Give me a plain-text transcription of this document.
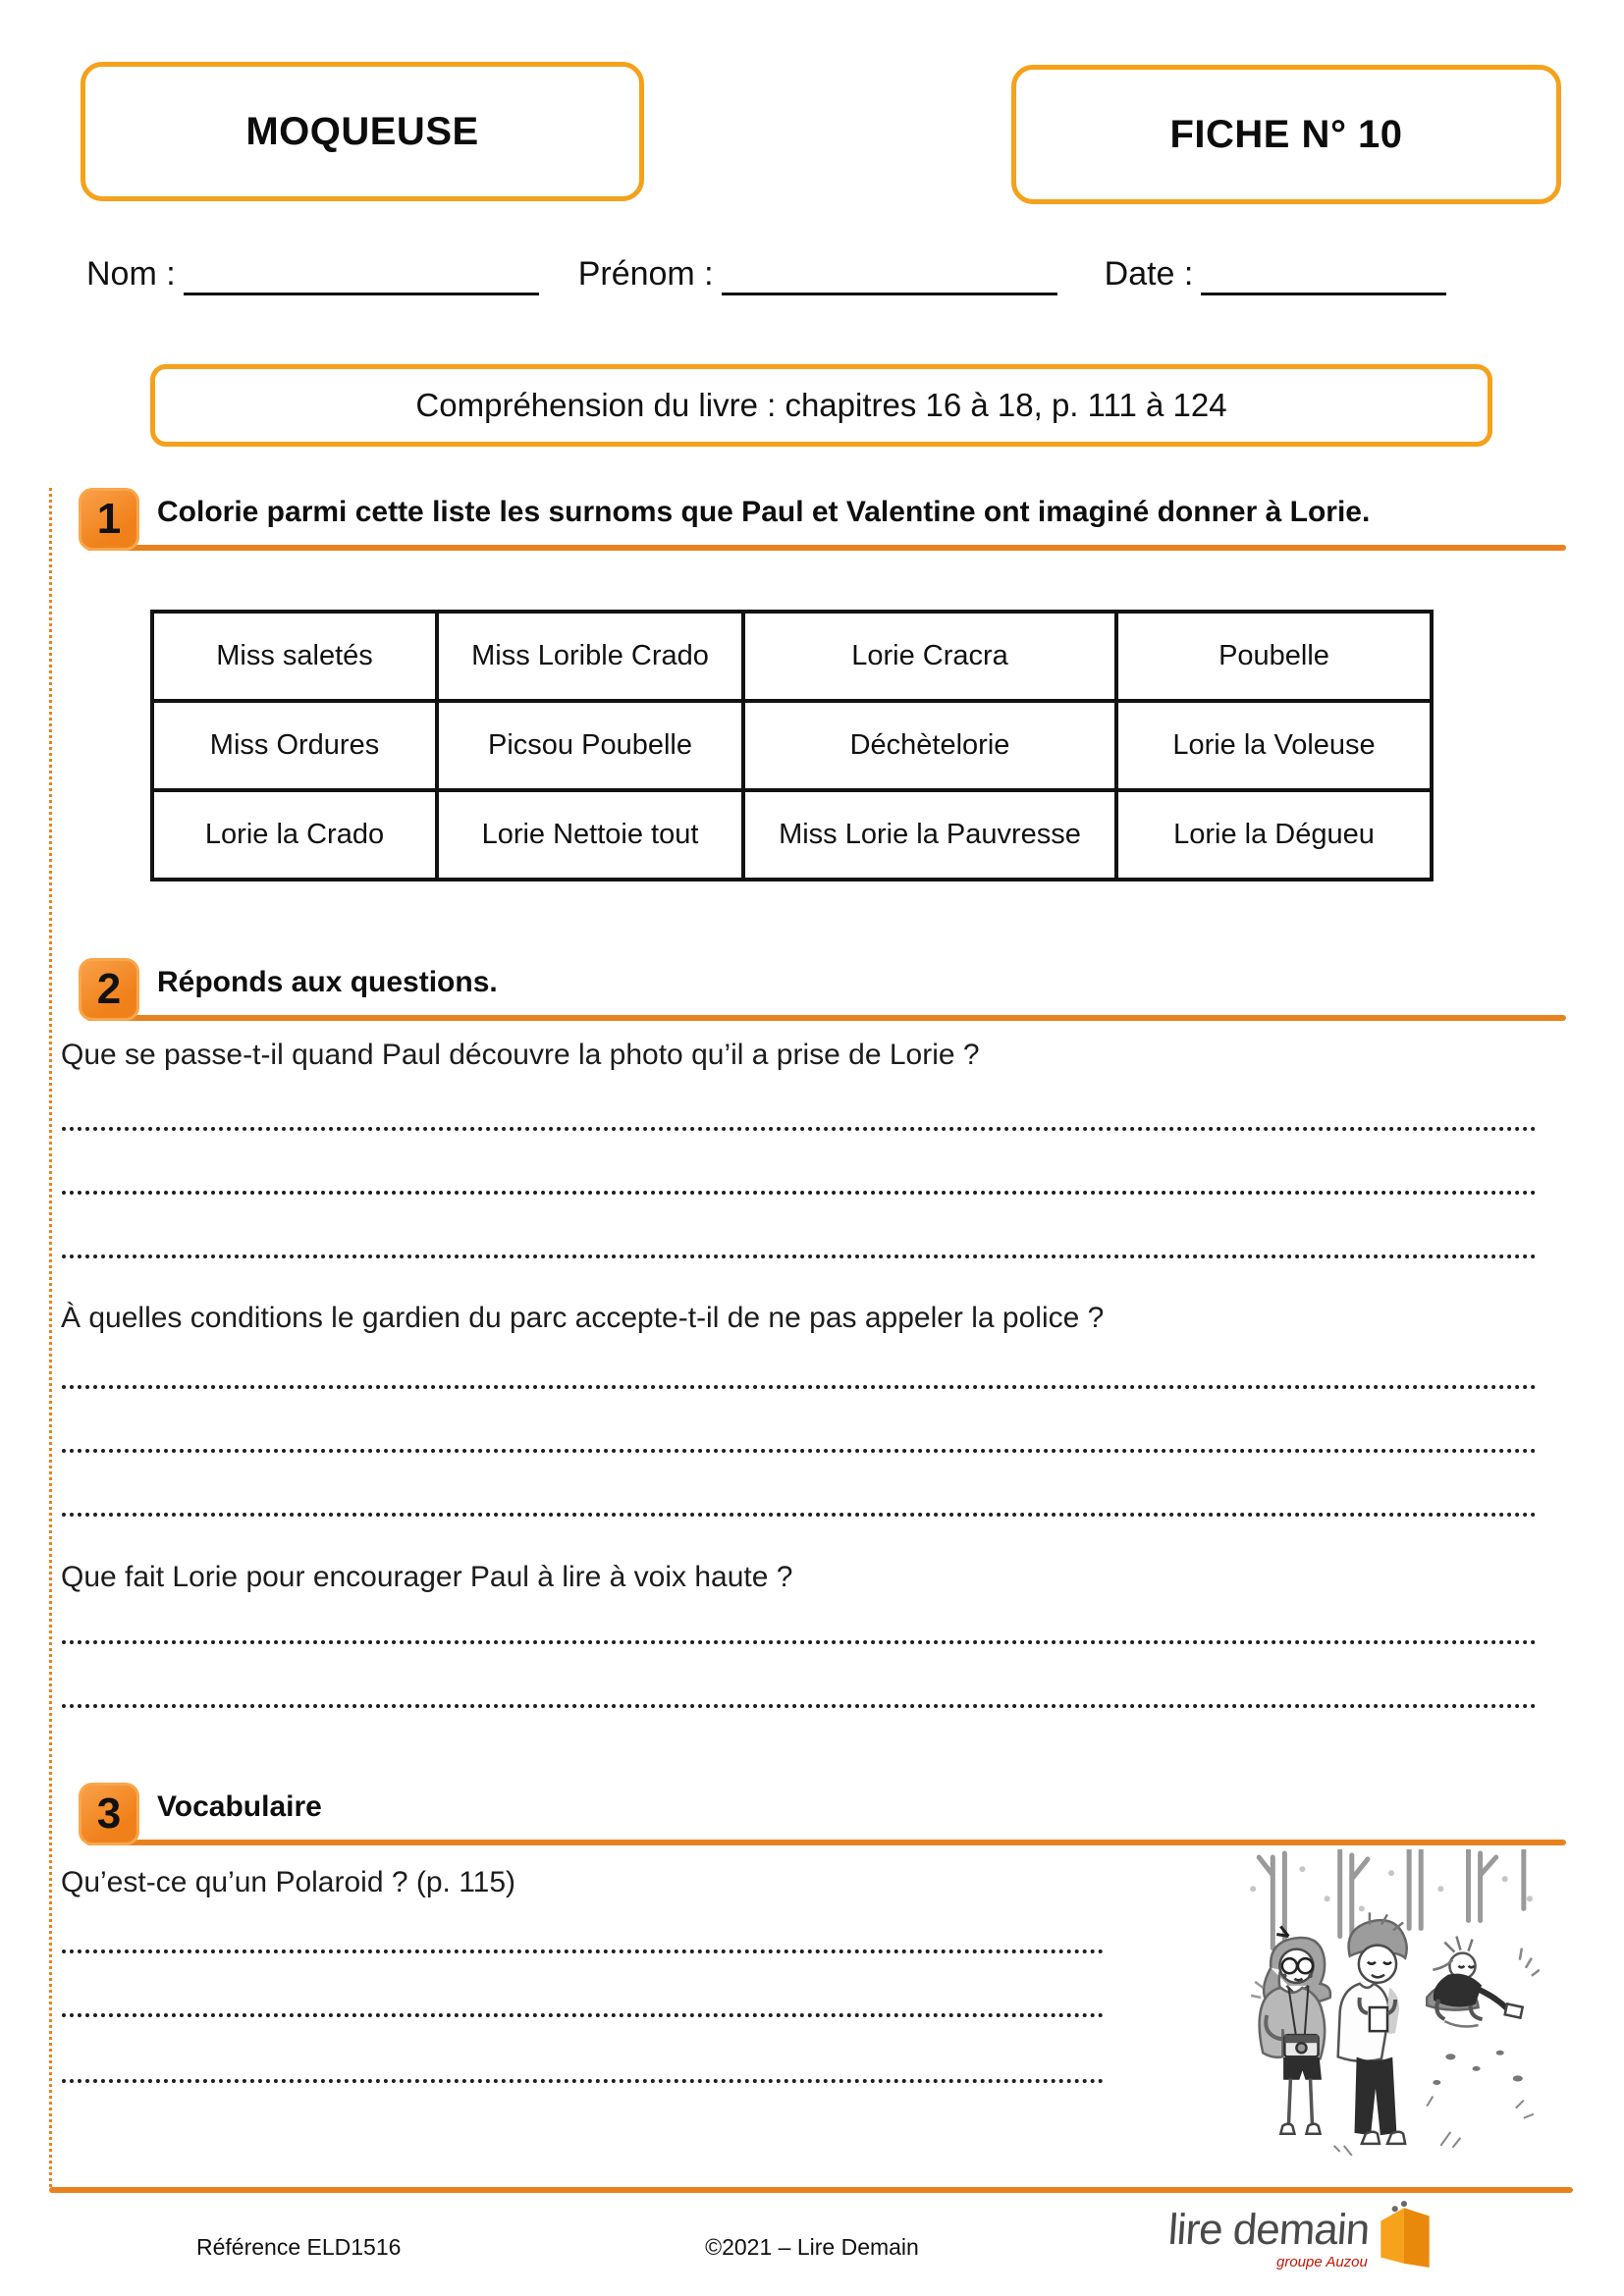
MOQUEUSE	FICHE N° 10
Nom :	Prénom :	Date :
Compréhension du livre : chapitres 16 à 18, p. 111 à 124
1	Colorie parmi cette liste les surnoms que Paul et Valentine ont imaginé donner à Lorie.
Miss saletés	Miss Lorible Crado	Lorie Cracra	Poubelle
Miss Ordures	Picsou Poubelle	Déchètelorie	Lorie la Voleuse
Lorie la Crado	Lorie Nettoie tout	Miss Lorie la Pauvresse	Lorie la Dégueu
2	Réponds aux questions.
Que se passe-t-il quand Paul découvre la photo qu’il a prise de Lorie ?
À quelles conditions le gardien du parc accepte-t-il de ne pas appeler la police ?
Que fait Lorie pour encourager Paul à lire à voix haute ?
3	Vocabulaire
Qu’est-ce qu’un Polaroid ? (p. 115)
Référence ELD1516	©2021 – Lire Demain	lire demain
groupe Auzou
